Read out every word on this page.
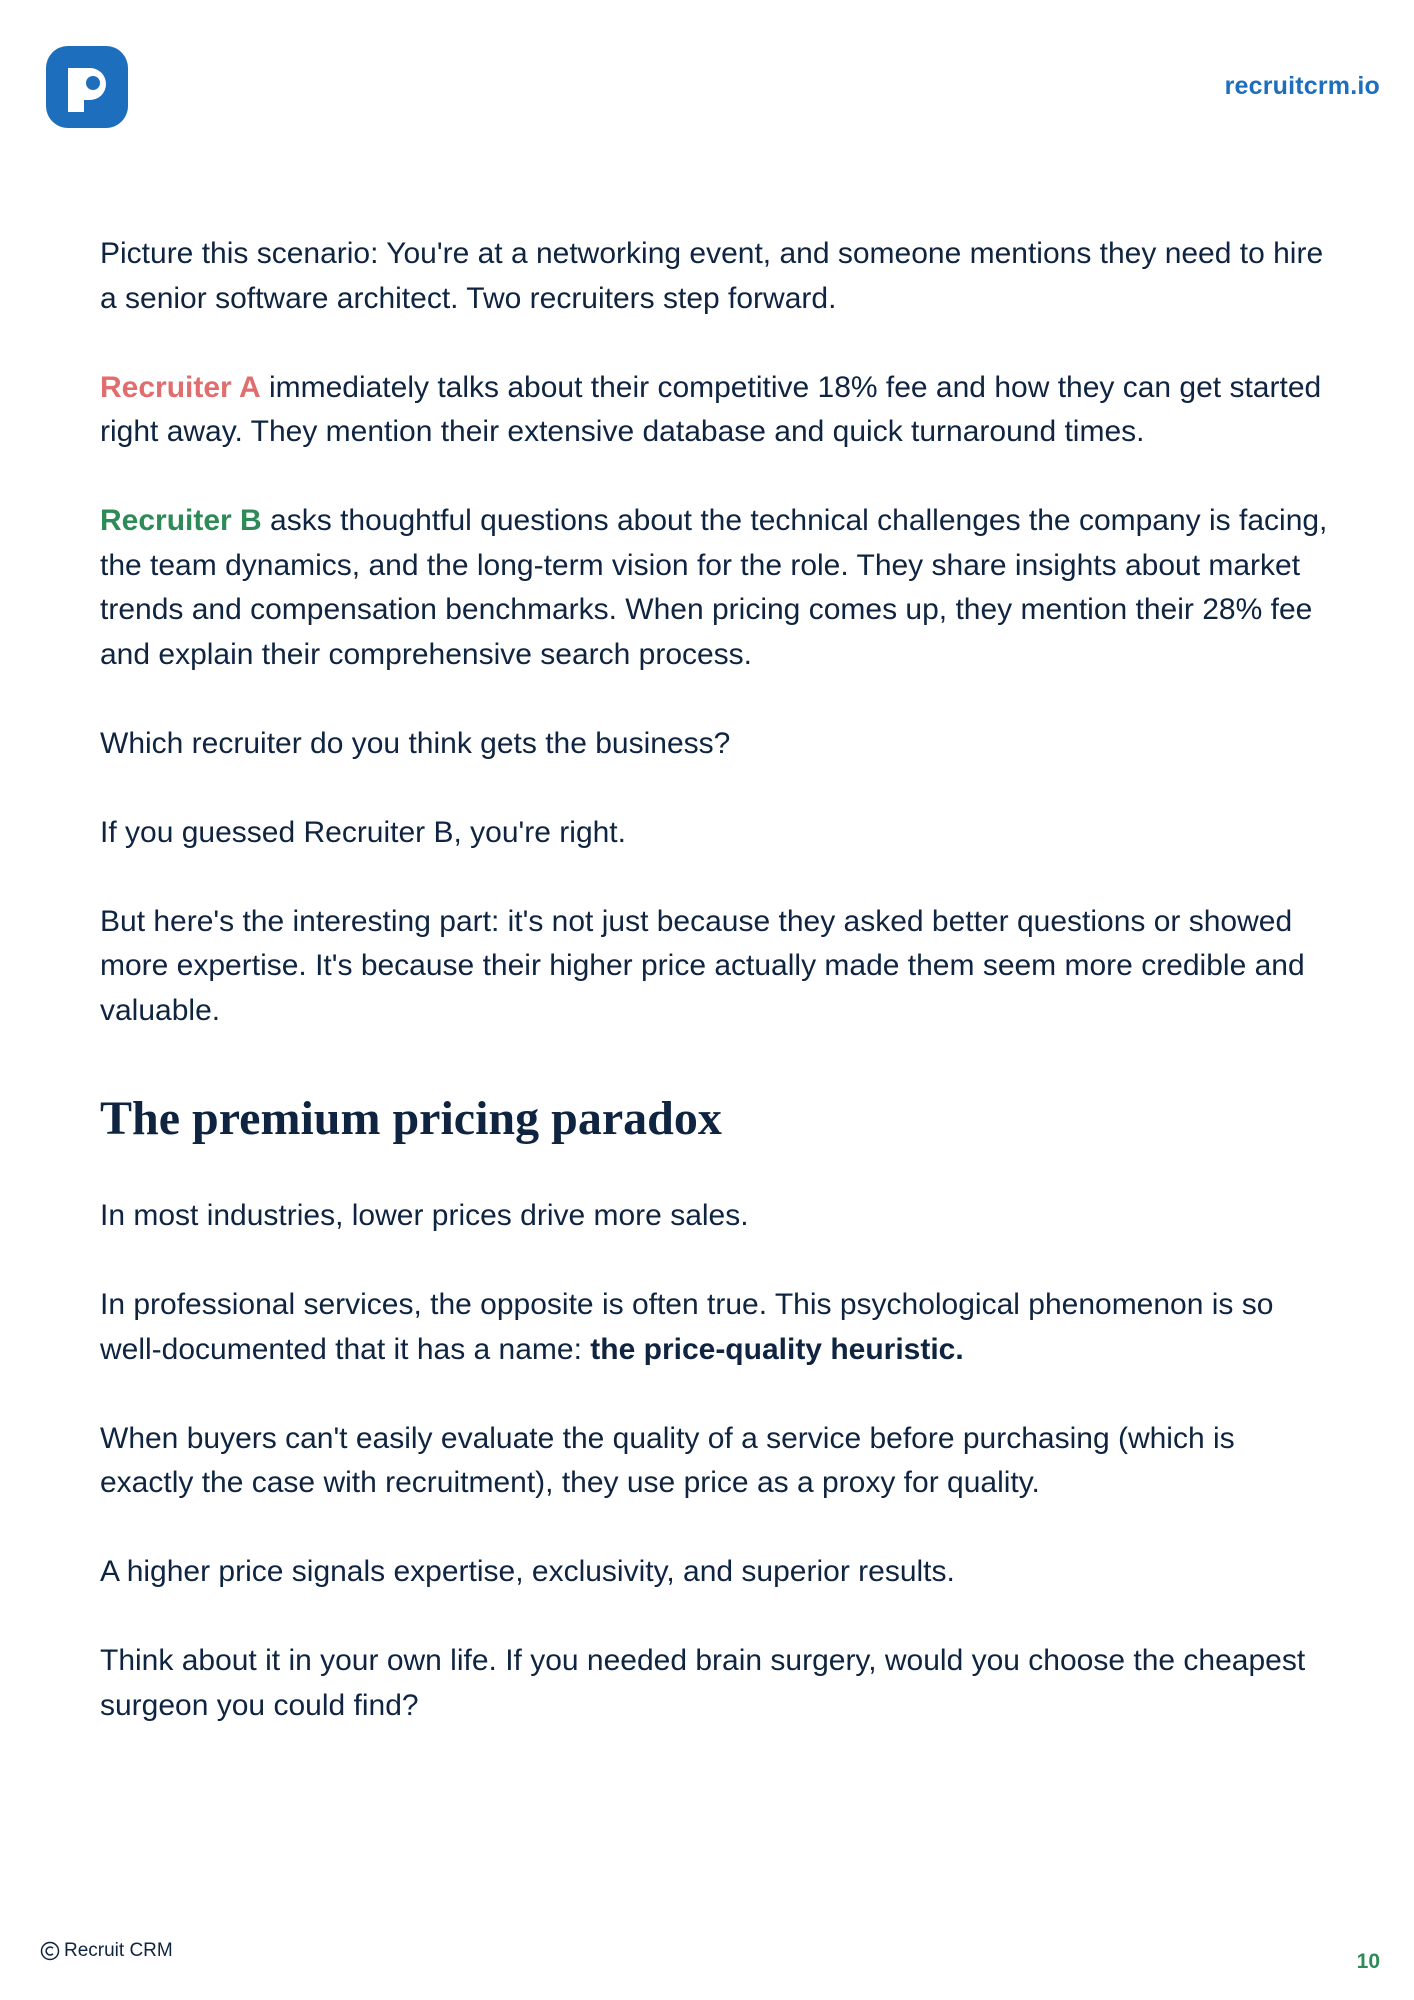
recruitcrm.io

Picture this scenario: You're at a networking event, and someone mentions they need to hire a senior software architect. Two recruiters step forward.

Recruiter A immediately talks about their competitive 18% fee and how they can get started right away. They mention their extensive database and quick turnaround times.

Recruiter B asks thoughtful questions about the technical challenges the company is facing, the team dynamics, and the long-term vision for the role. They share insights about market trends and compensation benchmarks. When pricing comes up, they mention their 28% fee and explain their comprehensive search process.

Which recruiter do you think gets the business?

If you guessed Recruiter B, you're right.

But here's the interesting part: it's not just because they asked better questions or showed more expertise. It's because their higher price actually made them seem more credible and valuable.

The premium pricing paradox

In most industries, lower prices drive more sales.

In professional services, the opposite is often true. This psychological phenomenon is so well-documented that it has a name: the price-quality heuristic.

When buyers can't easily evaluate the quality of a service before purchasing (which is exactly the case with recruitment), they use price as a proxy for quality.

A higher price signals expertise, exclusivity, and superior results.

Think about it in your own life. If you needed brain surgery, would you choose the cheapest surgeon you could find?

Recruit CRM	10
